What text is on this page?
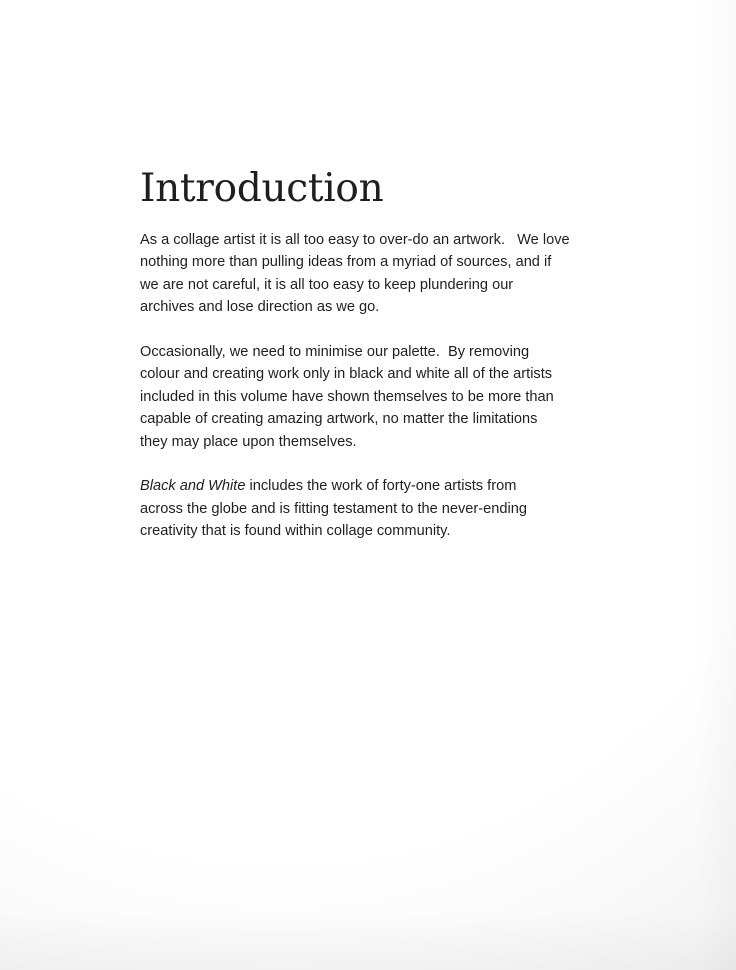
Introduction

As a collage artist it is all too easy to over-do an artwork.   We love
nothing more than pulling ideas from a myriad of sources, and if
we are not careful, it is all too easy to keep plundering our
archives and lose direction as we go.

Occasionally, we need to minimise our palette.  By removing
colour and creating work only in black and white all of the artists
included in this volume have shown themselves to be more than
capable of creating amazing artwork, no matter the limitations
they may place upon themselves.

Black and White includes the work of forty-one artists from
across the globe and is fitting testament to the never-ending
creativity that is found within collage community.
